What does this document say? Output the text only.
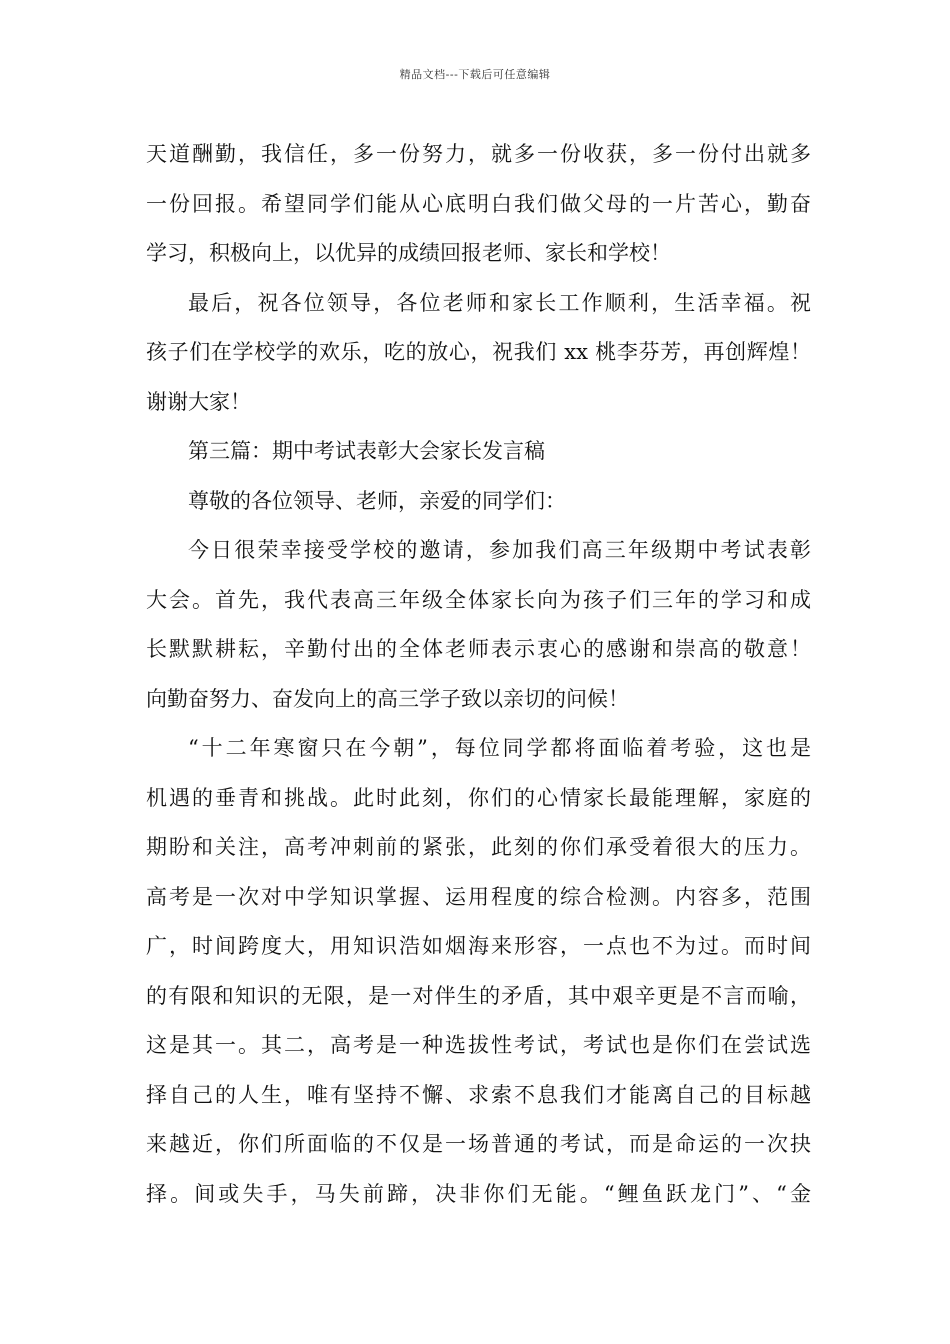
精品文档---下载后可任意编辑
天道酬勤，我信任，多一份努力，就多一份收获，多一份付出就多
一份回报。希望同学们能从心底明白我们做父母的一片苦心，勤奋
学习，积极向上，以优异的成绩回报老师、家长和学校！
最后，祝各位领导，各位老师和家长工作顺利，生活幸福。祝
孩子们在学校学的欢乐，吃的放心，祝我们 xx 桃李芬芳，再创辉煌！
谢谢大家！
第三篇：期中考试表彰大会家长发言稿
尊敬的各位领导、老师，亲爱的同学们：
今日很荣幸接受学校的邀请，参加我们高三年级期中考试表彰
大会。首先，我代表高三年级全体家长向为孩子们三年的学习和成
长默默耕耘，辛勤付出的全体老师表示衷心的感谢和崇高的敬意！
向勤奋努力、奋发向上的高三学子致以亲切的问候！
“十二年寒窗只在今朝”，每位同学都将面临着考验，这也是
机遇的垂青和挑战。此时此刻，你们的心情家长最能理解，家庭的
期盼和关注，高考冲刺前的紧张，此刻的你们承受着很大的压力。
高考是一次对中学知识掌握、运用程度的综合检测。内容多，范围
广，时间跨度大，用知识浩如烟海来形容，一点也不为过。而时间
的有限和知识的无限，是一对伴生的矛盾，其中艰辛更是不言而喻，
这是其一。其二，高考是一种选拔性考试，考试也是你们在尝试选
择自己的人生，唯有坚持不懈、求索不息我们才能离自己的目标越
来越近，你们所面临的不仅是一场普通的考试，而是命运的一次抉
择。间或失手，马失前蹄，决非你们无能。“鲤鱼跃龙门”、“金
